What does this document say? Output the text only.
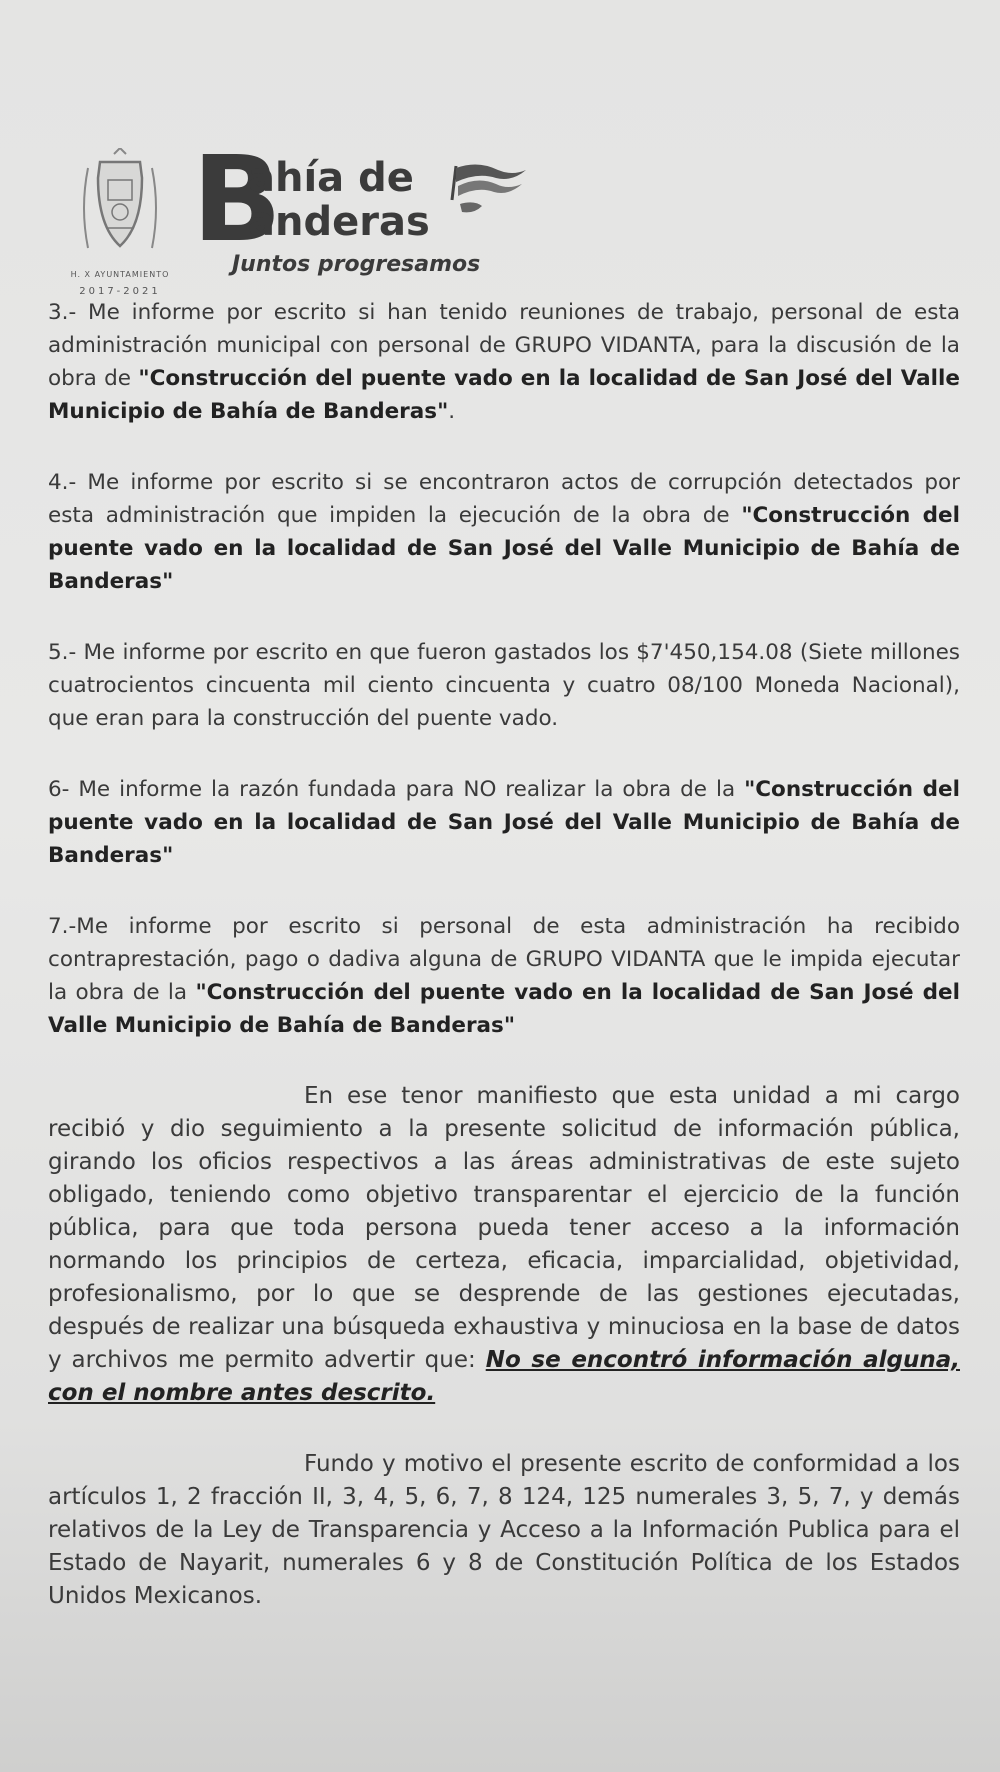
H. X AYUNTAMIENTO
2017-2021
B
ahía de
anderas
Juntos progresamos

3.- Me informe por escrito si han tenido reuniones de trabajo, personal de esta administración municipal con personal de GRUPO VIDANTA, para la discusión de la obra de "Construcción del puente vado en la localidad de San José del Valle Municipio de Bahía de Banderas".

4.- Me informe por escrito si se encontraron actos de corrupción detectados por esta administración que impiden la ejecución de la obra de "Construcción del puente vado en la localidad de San José del Valle Municipio de Bahía de Banderas"

5.- Me informe por escrito en que fueron gastados los $7'450,154.08 (Siete millones cuatrocientos cincuenta mil ciento cincuenta y cuatro 08/100 Moneda Nacional), que eran para la construcción del puente vado.

6- Me informe la razón fundada para NO realizar la obra de la "Construcción del puente vado en la localidad de San José del Valle Municipio de Bahía de Banderas"

7.-Me informe por escrito si personal de esta administración ha recibido contraprestación, pago o dadiva alguna de GRUPO VIDANTA que le impida ejecutar la obra de la "Construcción del puente vado en la localidad de San José del Valle Municipio de Bahía de Banderas"

En ese tenor manifiesto que esta unidad a mi cargo recibió y dio seguimiento a la presente solicitud de información pública, girando los oficios respectivos a las áreas administrativas de este sujeto obligado, teniendo como objetivo transparentar el ejercicio de la función pública, para que toda persona pueda tener acceso a la información normando los principios de certeza, eficacia, imparcialidad, objetividad, profesionalismo, por lo que se desprende de las gestiones ejecutadas, después de realizar una búsqueda exhaustiva y minuciosa en la base de datos y archivos me permito advertir que: No se encontró información alguna, con el nombre antes descrito.

Fundo y motivo el presente escrito de conformidad a los artículos 1, 2 fracción II, 3, 4, 5, 6, 7, 8 124, 125 numerales 3, 5, 7, y demás relativos de la Ley de Transparencia y Acceso a la Información Publica para el Estado de Nayarit, numerales 6 y 8 de Constitución Política de los Estados Unidos Mexicanos.
